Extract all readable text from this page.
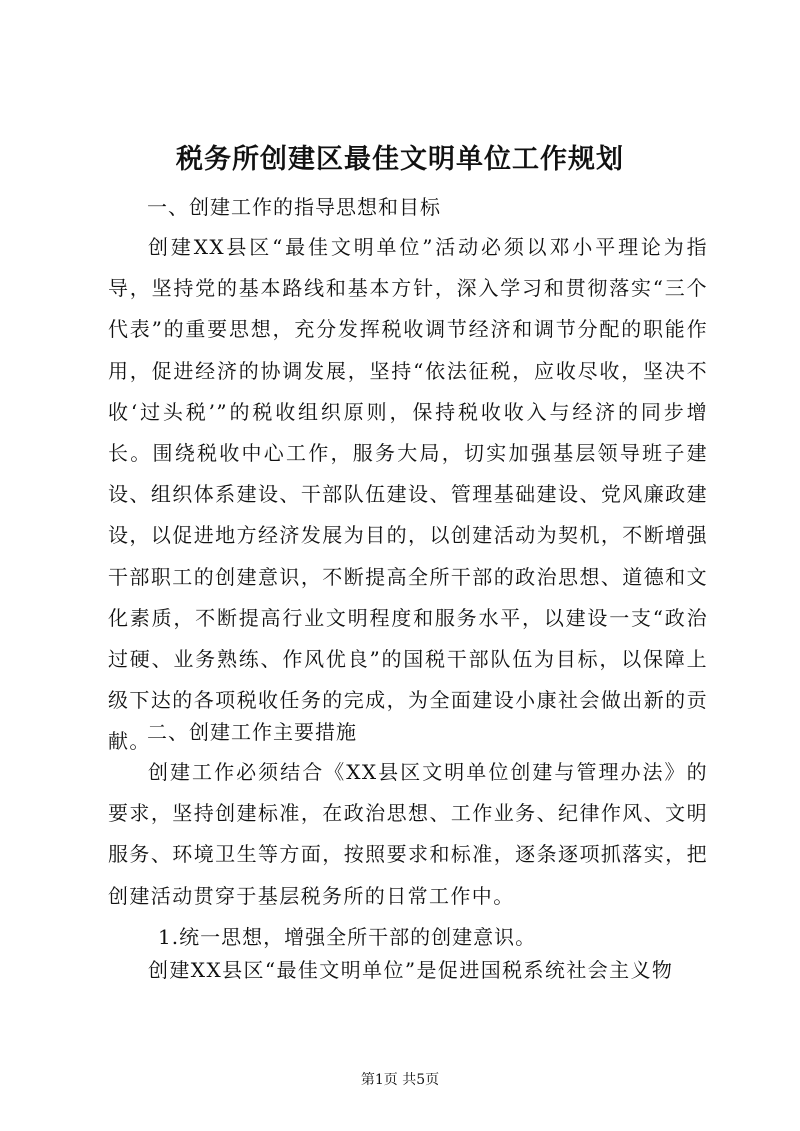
税务所创建区最佳文明单位工作规划
一、创建工作的指导思想和目标
创建XX县区“最佳文明单位”活动必须以邓小平理论为指导，坚持党的基本路线和基本方针，深入学习和贯彻落实“三个代表”的重要思想，充分发挥税收调节经济和调节分配的职能作用，促进经济的协调发展，坚持“依法征税，应收尽收，坚决不收‘过头税’”的税收组织原则，保持税收收入与经济的同步增长。围绕税收中心工作，服务大局，切实加强基层领导班子建设、组织体系建设、干部队伍建设、管理基础建设、党风廉政建设，以促进地方经济发展为目的，以创建活动为契机，不断增强干部职工的创建意识，不断提高全所干部的政治思想、道德和文化素质，不断提高行业文明程度和服务水平，以建设一支“政治过硬、业务熟练、作风优良”的国税干部队伍为目标，以保障上级下达的各项税收任务的完成，为全面建设小康社会做出新的贡献。
二、创建工作主要措施
创建工作必须结合《XX县区文明单位创建与管理办法》的要求，坚持创建标准，在政治思想、工作业务、纪律作风、文明服务、环境卫生等方面，按照要求和标准，逐条逐项抓落实，把创建活动贯穿于基层税务所的日常工作中。
1.统一思想，增强全所干部的创建意识。
创建XX县区“最佳文明单位”是促进国税系统社会主义物
第1页 共5页
